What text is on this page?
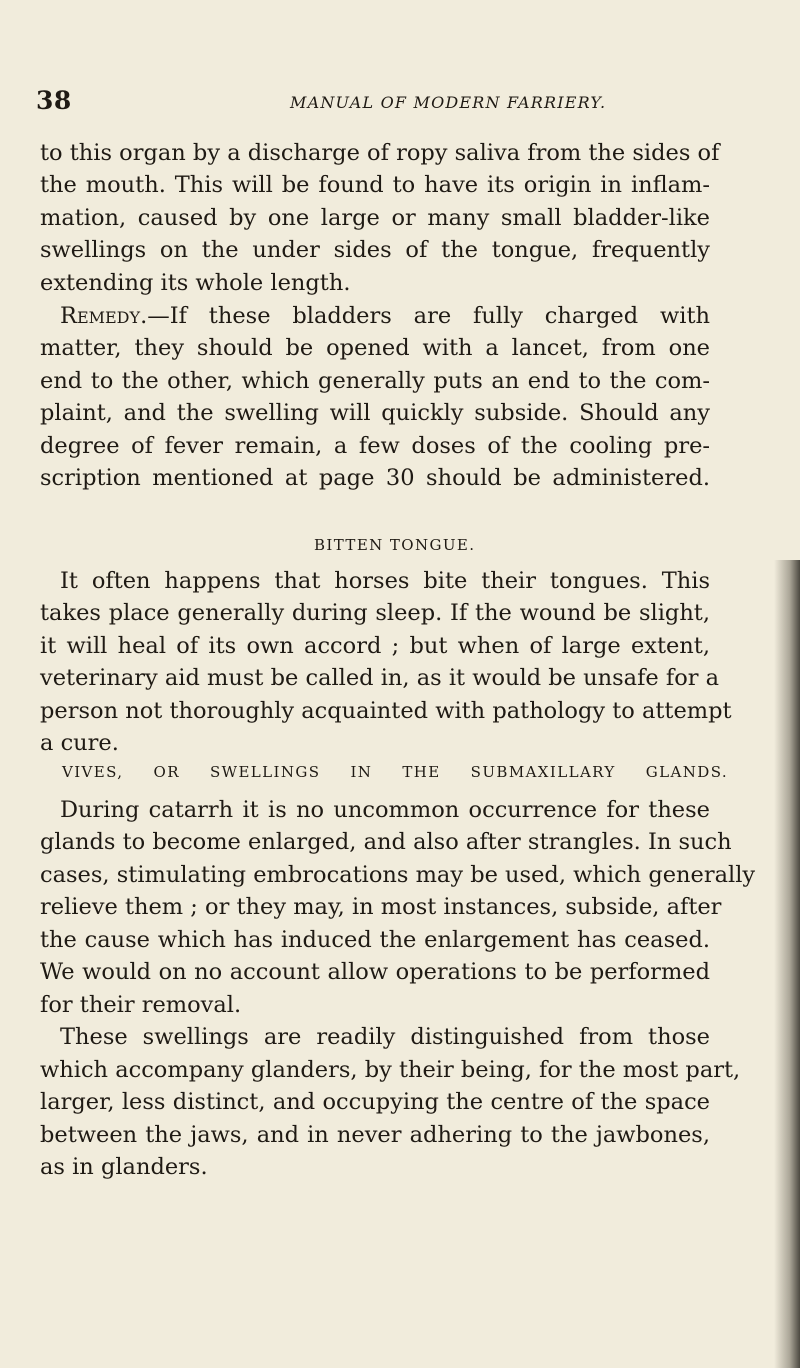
38	MANUAL OF MODERN FARRIERY.
to this organ by a discharge of ropy saliva from the sides of
the mouth. This will be found to have its origin in inflam-
mation, caused by one large or many small bladder-like
swellings on the under sides of the tongue, frequently
extending its whole length.
Remedy.—If these bladders are fully charged with
matter, they should be opened with a lancet, from one
end to the other, which generally puts an end to the com-
plaint, and the swelling will quickly subside. Should any
degree of fever remain, a few doses of the cooling pre-
scription mentioned at page 30 should be administered.
BITTEN TONGUE.
It often happens that horses bite their tongues. This
takes place generally during sleep. If the wound be slight,
it will heal of its own accord ; but when of large extent,
veterinary aid must be called in, as it would be unsafe for a
person not thoroughly acquainted with pathology to attempt
a cure.
VIVES, OR SWELLINGS IN THE SUBMAXILLARY GLANDS.
During catarrh it is no uncommon occurrence for these
glands to become enlarged, and also after strangles. In such
cases, stimulating embrocations may be used, which generally
relieve them ; or they may, in most instances, subside, after
the cause which has induced the enlargement has ceased.
We would on no account allow operations to be performed
for their removal.
These swellings are readily distinguished from those
which accompany glanders, by their being, for the most part,
larger, less distinct, and occupying the centre of the space
between the jaws, and in never adhering to the jawbones,
as in glanders.
